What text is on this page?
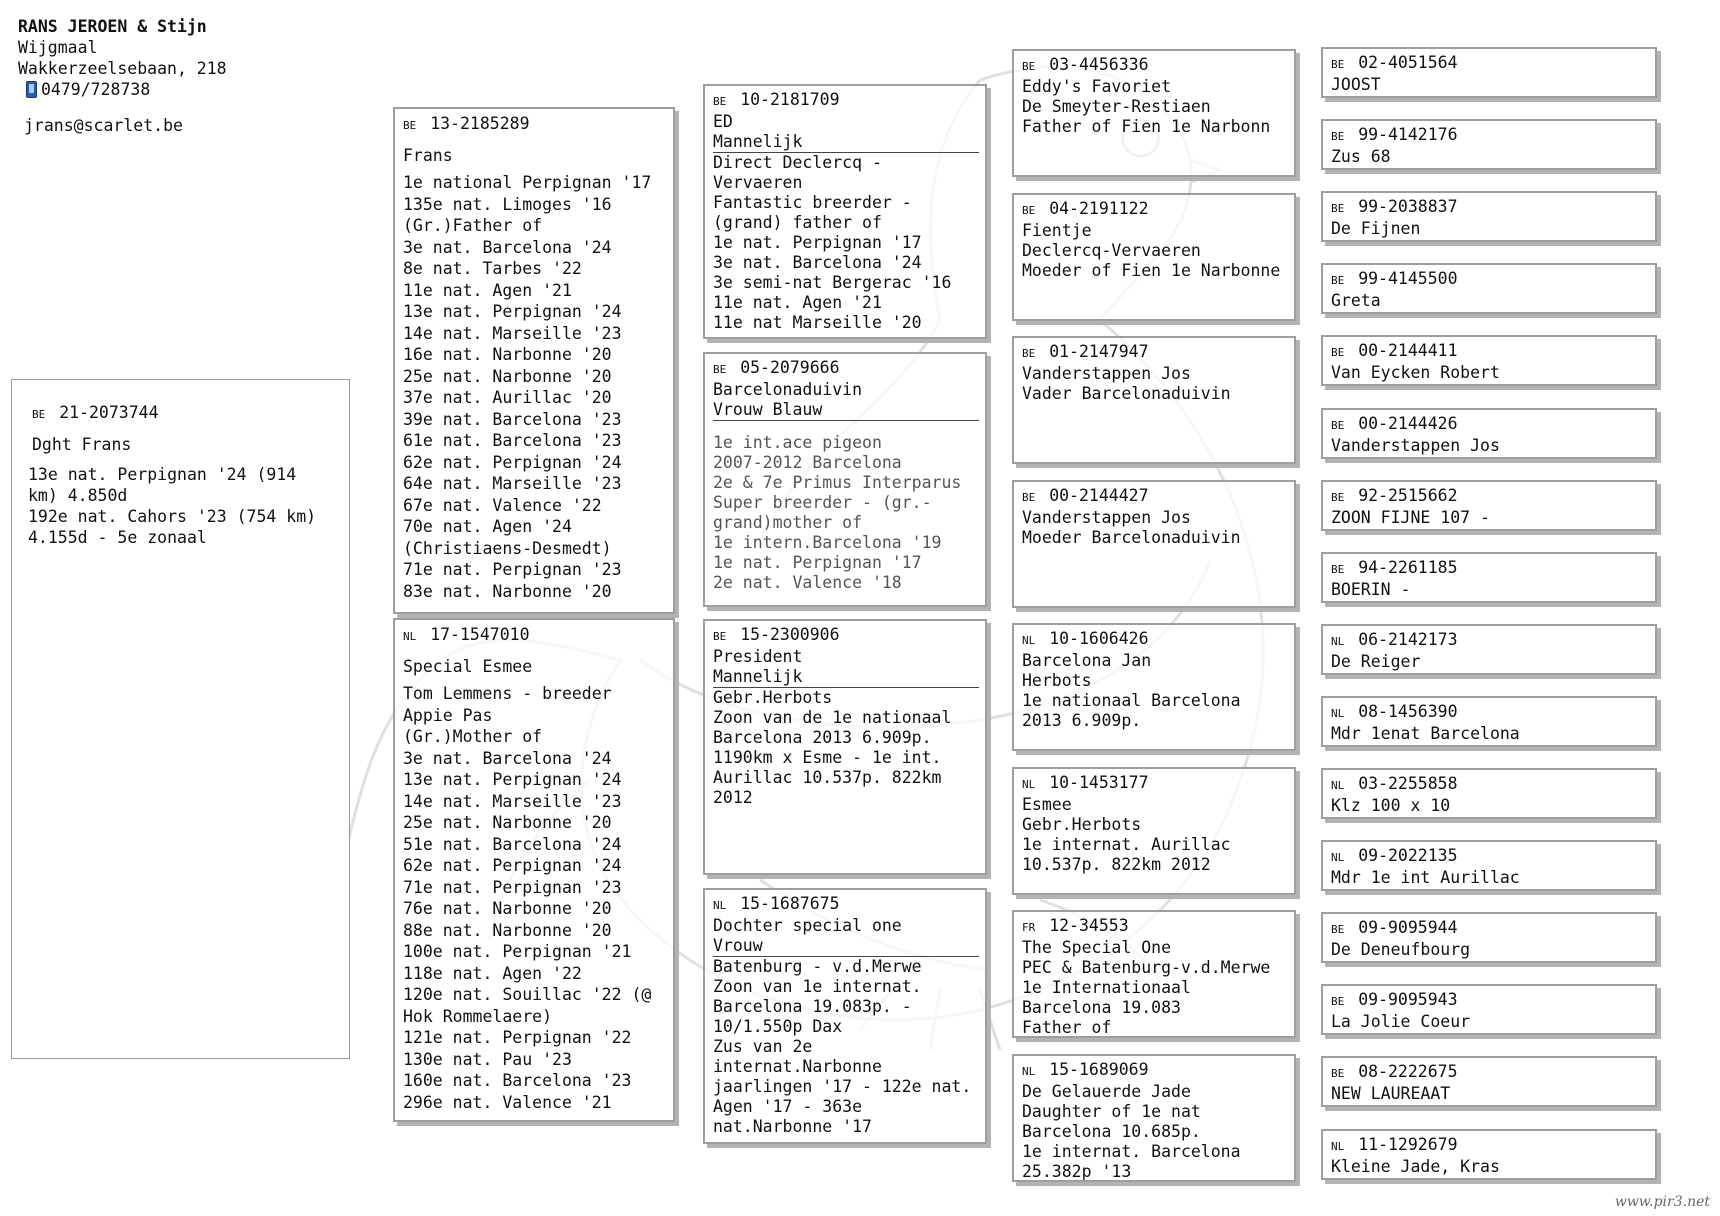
RANS JEROEN & Stijn
Wijgmaal
Wakkerzeelsebaan, 218
0479/728738
jrans@scarlet.be
BE 21-2073744
Dght Frans
13e nat. Perpignan '24 (914
km) 4.850d
192e nat. Cahors '23 (754 km)
4.155d - 5e zonaal
BE 13-2185289
Frans
1e national Perpignan '17
135e nat. Limoges '16
(Gr.)Father of
3e nat. Barcelona '24
8e nat. Tarbes '22
11e nat. Agen '21
13e nat. Perpignan '24
14e nat. Marseille '23
16e nat. Narbonne '20
25e nat. Narbonne '20
37e nat. Aurillac '20
39e nat. Barcelona '23
61e nat. Barcelona '23
62e nat. Perpignan '24
64e nat. Marseille '23
67e nat. Valence '22
70e nat. Agen '24
(Christiaens-Desmedt)
71e nat. Perpignan '23
83e nat. Narbonne '20
NL 17-1547010
Special Esmee
Tom Lemmens - breeder
Appie Pas
(Gr.)Mother of
3e nat. Barcelona '24
13e nat. Perpignan '24
14e nat. Marseille '23
25e nat. Narbonne '20
51e nat. Barcelona '24
62e nat. Perpignan '24
71e nat. Perpignan '23
76e nat. Narbonne '20
88e nat. Narbonne '20
100e nat. Perpignan '21
118e nat. Agen '22
120e nat. Souillac '22 (@
Hok Rommelaere)
121e nat. Perpignan '22
130e nat. Pau '23
160e nat. Barcelona '23
296e nat. Valence '21
BE 10-2181709
ED
Mannelijk
Direct Declercq -
Vervaeren
Fantastic breerder -
(grand) father of
1e nat. Perpignan '17
3e nat. Barcelona '24
3e semi-nat Bergerac '16
11e nat. Agen '21
11e nat Marseille '20
BE 05-2079666
Barcelonaduivin
Vrouw Blauw
1e int.ace pigeon
2007-2012 Barcelona
2e & 7e Primus Interparus
Super breerder - (gr.-
grand)mother of
1e intern.Barcelona '19
1e nat. Perpignan '17
2e nat. Valence '18
BE 15-2300906
President
Mannelijk
Gebr.Herbots
Zoon van de 1e nationaal
Barcelona 2013 6.909p.
1190km x Esme - 1e int.
Aurillac 10.537p. 822km
2012
NL 15-1687675
Dochter special one
Vrouw
Batenburg - v.d.Merwe
Zoon van 1e internat.
Barcelona 19.083p. -
10/1.550p Dax
Zus van 2e
internat.Narbonne
jaarlingen '17 - 122e nat.
Agen '17 - 363e
nat.Narbonne '17
BE 03-4456336
Eddy's Favoriet
De Smeyter-Restiaen
Father of Fien 1e Narbonn
BE 04-2191122
Fientje
Declercq-Vervaeren
Moeder of Fien 1e Narbonne
BE 01-2147947
Vanderstappen Jos
Vader Barcelonaduivin
BE 00-2144427
Vanderstappen Jos
Moeder Barcelonaduivin
NL 10-1606426
Barcelona Jan
Herbots
1e nationaal Barcelona
2013 6.909p.
NL 10-1453177
Esmee
Gebr.Herbots
1e internat. Aurillac
10.537p. 822km 2012
FR 12-34553
The Special One
PEC & Batenburg-v.d.Merwe
1e Internationaal
Barcelona 19.083
Father of
NL 15-1689069
De Gelauerde Jade
Daughter of 1e nat
Barcelona 10.685p.
1e internat. Barcelona
25.382p '13
BE 02-4051564
JOOST
BE 99-4142176
Zus 68
BE 99-2038837
De Fijnen
BE 99-4145500
Greta
BE 00-2144411
Van Eycken Robert
BE 00-2144426
Vanderstappen Jos
BE 92-2515662
ZOON FIJNE 107 -
BE 94-2261185
BOERIN -
NL 06-2142173
De Reiger
NL 08-1456390
Mdr 1enat Barcelona
NL 03-2255858
Klz 100 x 10
NL 09-2022135
Mdr 1e int Aurillac
BE 09-9095944
De Deneufbourg
BE 09-9095943
La Jolie Coeur
BE 08-2222675
NEW LAUREAAT
NL 11-1292679
Kleine Jade, Kras
www.pir3.net
